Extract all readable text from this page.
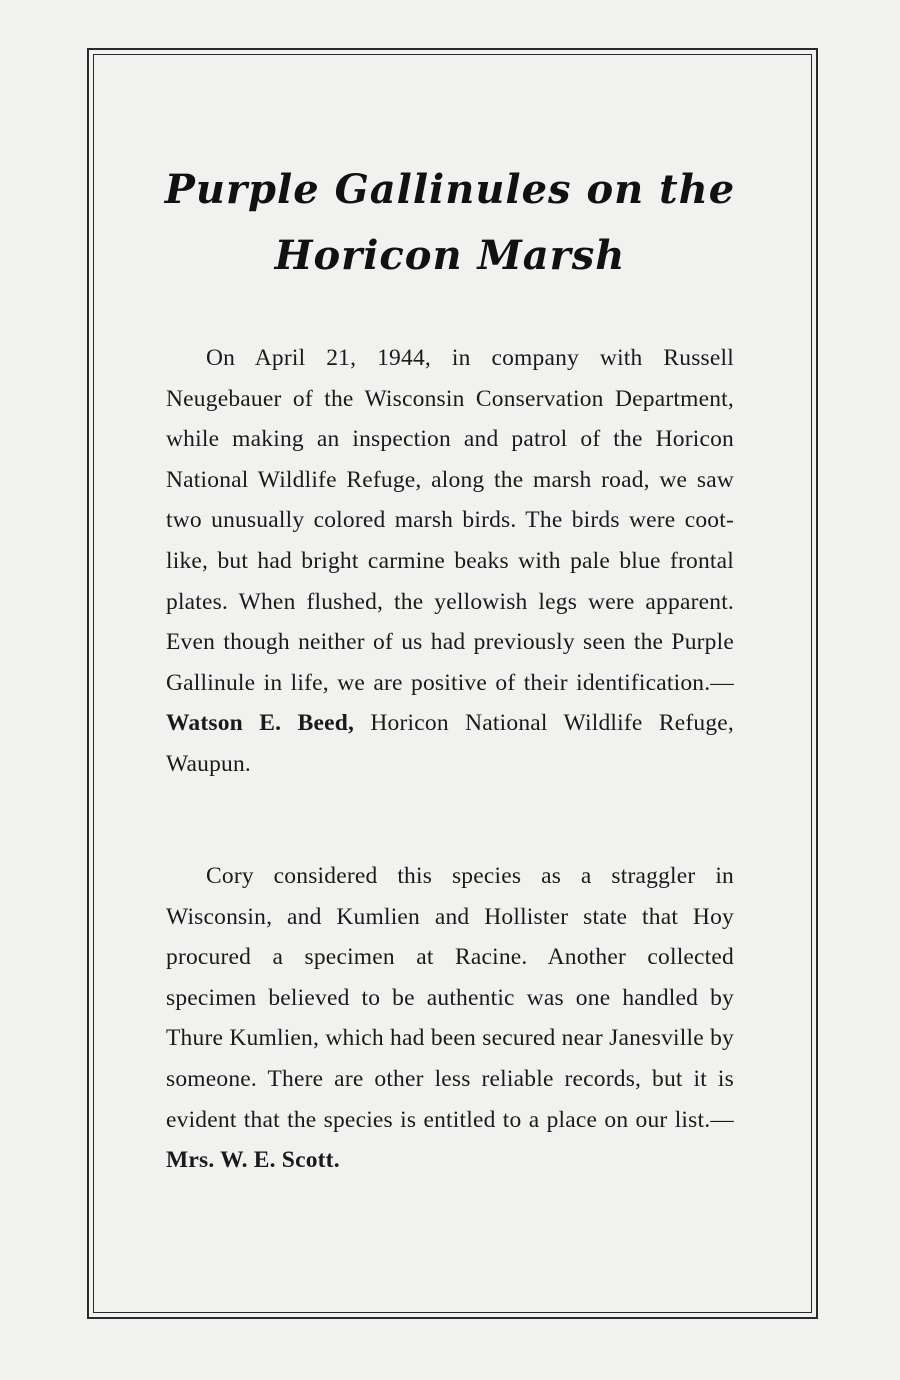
Purple Gallinules on the
Horicon Marsh

On April 21, 1944, in company with Russell Neugebauer of the Wisconsin Conservation Department, while making an inspection and patrol of the Horicon National Wildlife Refuge, along the marsh road, we saw two unusually colored marsh birds. The birds were coot-like, but had bright carmine beaks with pale blue frontal plates. When flushed, the yellowish legs were apparent. Even though neither of us had previously seen the Purple Gallinule in life, we are positive of their identification.—Watson E. Beed, Horicon National Wildlife Refuge, Waupun.

Cory considered this species as a straggler in Wisconsin, and Kumlien and Hollister state that Hoy procured a specimen at Racine. Another collected specimen believed to be authentic was one handled by Thure Kumlien, which had been secured near Janesville by someone. There are other less reliable records, but it is evident that the species is entitled to a place on our list.—Mrs. W. E. Scott.
